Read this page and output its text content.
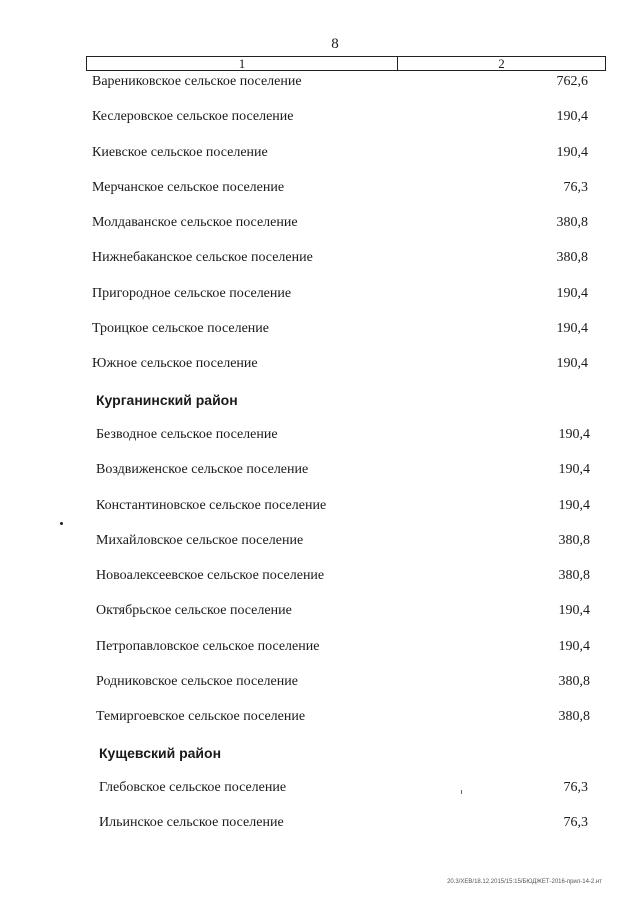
8
1	2
Варениковское сельское поселение	762,6
Кеслеровское сельское поселение	190,4
Киевское сельское поселение	190,4
Мерчанское сельское поселение	76,3
Молдаванское сельское поселение	380,8
Нижнебаканское сельское поселение	380,8
Пригородное сельское поселение	190,4
Троицкое сельское поселение	190,4
Южное сельское поселение	190,4
Курганинский район
Безводное сельское поселение	190,4
Воздвиженское сельское поселение	190,4
Константиновское сельское поселение	190,4
Михайловское сельское поселение	380,8
Новоалексеевское сельское поселение	380,8
Октябрьское сельское поселение	190,4
Петропавловское сельское поселение	190,4
Родниковское сельское поселение	380,8
Темиргоевское сельское поселение	380,8
Кущевский район
Глебовское сельское поселение	76,3
Ильинское сельское поселение	76,3
20.3/XEB/18.12.2015/15:15/БЮДЖЕТ-2016-прил-14-2.нт
